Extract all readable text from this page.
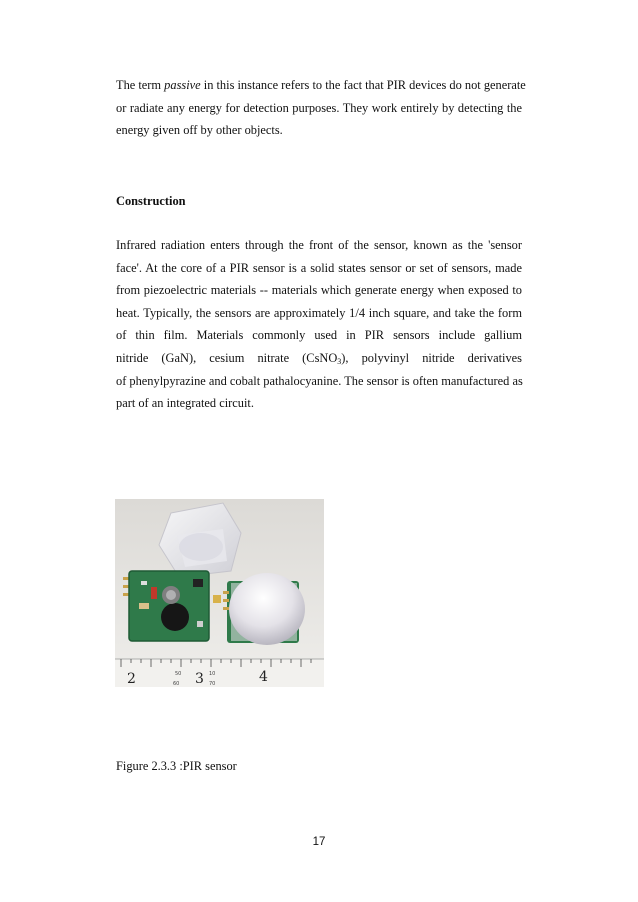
The term passive in this instance refers to the fact that PIR devices do not generate
or radiate any energy for detection purposes. They work entirely by detecting the
energy given off by other objects.

Construction

Infrared radiation enters through the front of the sensor, known as the 'sensor
face'. At the core of a PIR sensor is a solid states sensor or set of sensors, made
from piezoelectric materials -- materials which generate energy when exposed to
heat. Typically, the sensors are approximately 1/4 inch square, and take the form
of thin film. Materials commonly used in PIR sensors include gallium
nitride (GaN), cesium nitrate (CsNO$_3$), polyvinyl nitride derivatives
of phenylpyrazine and cobalt pathalocyanine. The sensor is often manufactured as
part of an integrated circuit.

2	3	4
50	10
60	70

Figure 2.3.3 :PIR sensor

17
